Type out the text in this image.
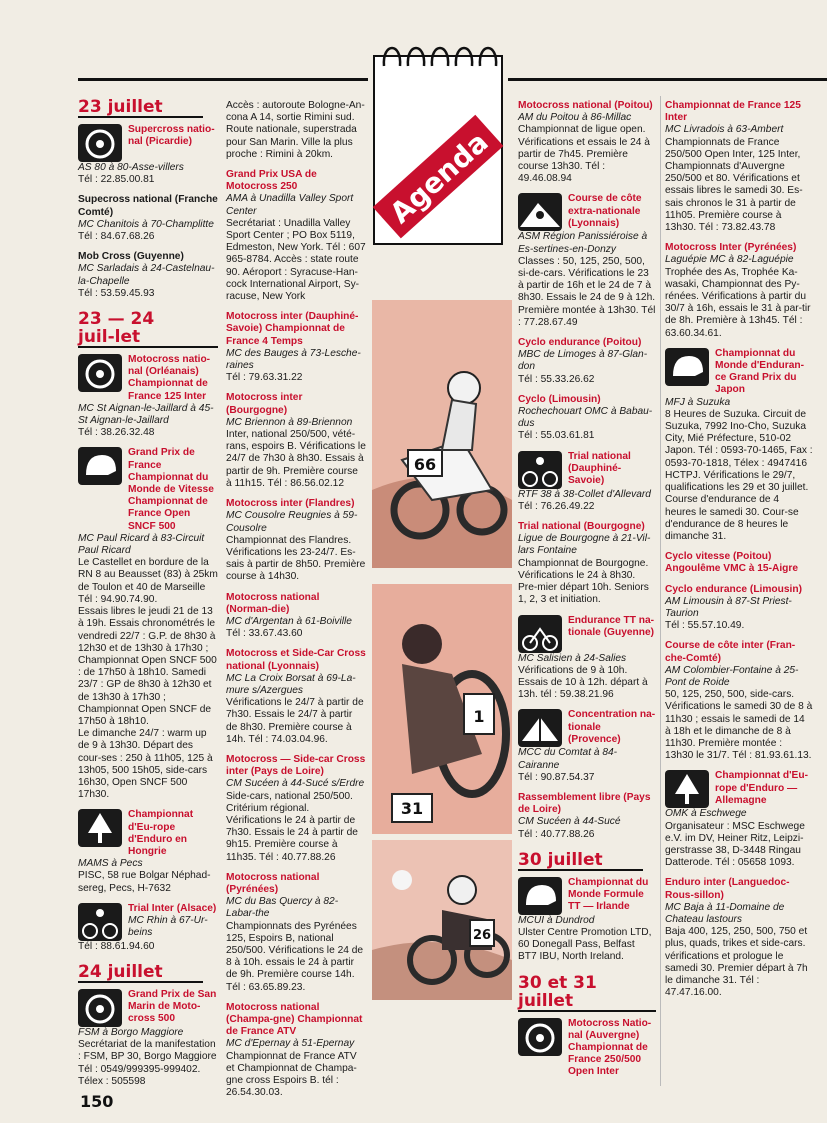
Agenda
66
1
31
26
23 juillet

Supercross natio-nal (Picardie)

AS 80 à 80-Asse-villers

Tél : 22.85.00.81

Supecross national (Franche Comté)

MC Chanitois à 70-Champlitte

Tél : 84.67.68.26

Mob Cross (Guyenne)

MC Sarladais à 24-Castelnau-la-Chapelle

Tél : 53.59.45.93

23 — 24 juil-let

Motocross natio-nal (Orléanais) Championnat de France 125 Inter

MC St Aignan-le-Jaillard à 45-St Aignan-le-Jaillard

Tél : 38.26.32.48

Grand Prix de France Championnat du Monde de Vitesse Championnat de France Open SNCF 500

MC Paul Ricard à 83-Circuit Paul Ricard

Le Castellet en bordure de la RN 8 au Beausset (83) à 25km de Toulon et 40 de Marseille

Tél : 94.90.74.90.

Essais libres le jeudi 21 de 13 à 19h. Essais chronométrés le vendredi 22/7 : G.P. de 8h30 à 12h30 et de 13h30 à 17h30 ; Championnat Open SNCF 500 : de 17h50 à 18h10. Samedi 23/7 : GP de 8h30 à 12h30 et de 13h30 à 17h30 ; Championnat Open SNCF de 17h50 à 18h10.

Le dimanche 24/7 : warm up de 9 à 13h30. Départ des cour-ses : 250 à 11h05, 125 à 13h05, 500 15h05, side-cars 16h30, Open SNCF 500 17h30.

Championnat d'Eu-rope d'Enduro en Hongrie

MAMS à Pecs

PISC, 58 rue Bolgar Néphad-sereg, Pecs, H-7632

Trial Inter (Alsace)

MC Rhin à 67-Ur-beins

Tél : 88.61.94.60

24 juillet

Grand Prix de San Marin de Moto-cross 500

FSM à Borgo Maggiore

Secrétariat de la manifestation : FSM, BP 30, Borgo Maggiore Tél : 0549/999395-999402. Télex : 505598

Accès : autoroute Bologne-An-cona A 14, sortie Rimini sud. Route nationale, superstrada pour San Marin. Ville la plus proche : Rimini à 20km.

Grand Prix USA de Motocross 250

AMA à Unadilla Valley Sport Center

Secrétariat : Unadilla Valley Sport Center ; PO Box 5119, Edmeston, New York. Tél : 607 965-8784. Accès : state route 90. Aéroport : Syracuse-Han-cock International Airport, Sy-racuse, New York

Motocross inter (Dauphiné-Savoie) Championnat de France 4 Temps

MC des Bauges à 73-Lesche-raines

Tél : 79.63.31.22

Motocross inter (Bourgogne)

MC Briennon à 89-Briennon

Inter, national 250/500, vété-rans, espoirs B. Vérifications le 24/7 de 7h30 à 8h30. Essais à partir de 9h. Première course à 11h15. Tél : 86.56.02.12

Motocross inter (Flandres)

MC Cousolre Reugnies à 59-Cousolre

Championnat des Flandres. Vérifications les 23-24/7. Es-sais à partir de 8h50. Première course à 14h30.

Motocross national (Norman-die)

MC d'Argentan à 61-Boiville

Tél : 33.67.43.60

Motocross et Side-Car Cross national (Lyonnais)

MC La Croix Borsat à 69-La-mure s/Azergues

Vérifications le 24/7 à partir de 7h30. Essais le 24/7 à partir de 8h30. Première course à 14h. Tél : 74.03.04.96.

Motocross — Side-car Cross inter (Pays de Loire)

CM Sucéen à 44-Sucé s/Erdre

Side-cars, national 250/500. Critérium régional. Vérifications le 24 à partir de 7h30. Essais le 24 à partir de 9h15. Première course à 11h35. Tél : 40.77.88.26

Motocross national (Pyrénées)

MC du Bas Quercy à 82-Labar-the

Championnats des Pyrénées 125, Espoirs B, national 250/500. Vérifications le 24 de 8 à 10h. essais le 24 à partir de 9h. Première course 14h. Tél : 63.65.89.23.

Motocross national (Champa-gne) Championnat de France ATV

MC d'Epernay à 51-Epernay

Championnat de France ATV et Championnat de Champa-gne cross Espoirs B. tél : 26.54.30.03.

Motocross national (Poitou)

AM du Poitou à 86-Millac

Championnat de ligue open. Vérifications et essais le 24 à partir de 7h45. Première course 13h30. Tél : 49.46.08.94

Course de côte extra-nationale (Lyonnais)

ASM Région Panissiéroise à Es-sertines-en-Donzy

Classes : 50, 125, 250, 500, si-de-cars. Vérifications le 23 à partir de 16h et le 24 de 7 à 8h30. Essais le 24 de 9 à 12h. Première montée à 13h30. Tél : 77.28.67.49

Cyclo endurance (Poitou)

MBC de Limoges à 87-Glan-don

Tél : 55.33.26.62

Cyclo (Limousin)

Rochechouart OMC à Babau-dus

Tél : 55.03.61.81

Trial national (Dauphiné-Savoie)

RTF 38 à 38-Collet d'Allevard

Tél : 76.26.49.22

Trial national (Bourgogne)

Ligue de Bourgogne à 21-Vil-lars Fontaine

Championnat de Bourgogne. Vérifications le 24 à 8h30. Pre-mier départ 10h. Seniors 1, 2, 3 et initiation.

Endurance TT na-tionale (Guyenne)

MC Salisien à 24-Salies

Vérifications de 9 à 10h. Essais de 10 à 12h. départ à 13h. tél : 59.38.21.96

Concentration na-tionale (Provence)

MCC du Comtat à 84-Cairanne

Tél : 90.87.54.37

Rassemblement libre (Pays de Loire)

CM Sucéen à 44-Sucé

Tél : 40.77.88.26

30 juillet

Championnat du Monde Formule TT — Irlande

MCUI à Dundrod

Ulster Centre Promotion LTD, 60 Donegall Pass, Belfast BT7 IBU, North Ireland.

30 et 31 juillet

Motocross Natio-nal (Auvergne) Championnat de France 250/500 Open Inter

Championnat de France 125 Inter

MC Livradois à 63-Ambert

Championnats de France 250/500 Open Inter, 125 Inter, Championnats d'Auvergne 250/500 et 80. Vérifications et essais libres le samedi 30. Es-sais chronos le 31 à partir de 11h05. Première course à 13h30. Tél : 73.82.43.78

Motocross Inter (Pyrénées)

Laguépie MC à 82-Laguépie

Trophée des As, Trophée Ka-wasaki, Championnat des Py-rénées. Vérifications à partir du 30/7 à 16h, essais le 31 à par-tir de 8h. Première à 13h45. Tél : 63.60.34.61.

Championnat du Monde d'Enduran-ce Grand Prix du Japon

MFJ à Suzuka

8 Heures de Suzuka. Circuit de Suzuka, 7992 Ino-Cho, Suzuka City, Mié Préfecture, 510-02 Japon. Tél : 0593-70-1465, Fax : 0593-70-1818, Télex : 4947416 HCTPJ. Vérifications le 29/7, qualifications les 29 et 30 juillet. Course d'endurance de 4 heures le samedi 30. Cour-se d'endurance de 8 heures le dimanche 31.

Cyclo vitesse (Poitou) Angoulême VMC à 15-Aigre

Cyclo endurance (Limousin)

AM Limousin à 87-St Priest-Taurion

Tél : 55.57.10.49.

Course de côte inter (Fran-che-Comté)

AM Colombier-Fontaine à 25-Pont de Roide

50, 125, 250, 500, side-cars. Vérifications le samedi 30 de 8 à 11h30 ; essais le samedi de 14 à 18h et le dimanche de 8 à 11h30. Première montée : 13h30 le 31/7. Tél : 81.93.61.13.

Championnat d'Eu-rope d'Enduro — Allemagne

OMK à Eschwege

Organisateur : MSC Eschwege e.V. im DV, Heiner Ritz, Leipzi-gerstrasse 38, D-3448 Ringau Datterode. Tél : 05658 1093.

Enduro inter (Languedoc-Rous-sillon)

MC Baja à 11-Domaine de Chateau lastours

Baja 400, 125, 250, 500, 750 et plus, quads, trikes et side-cars. vérifications et prologue le samedi 30. Premier départ à 7h le dimanche 31. Tél : 47.47.16.00.

150
